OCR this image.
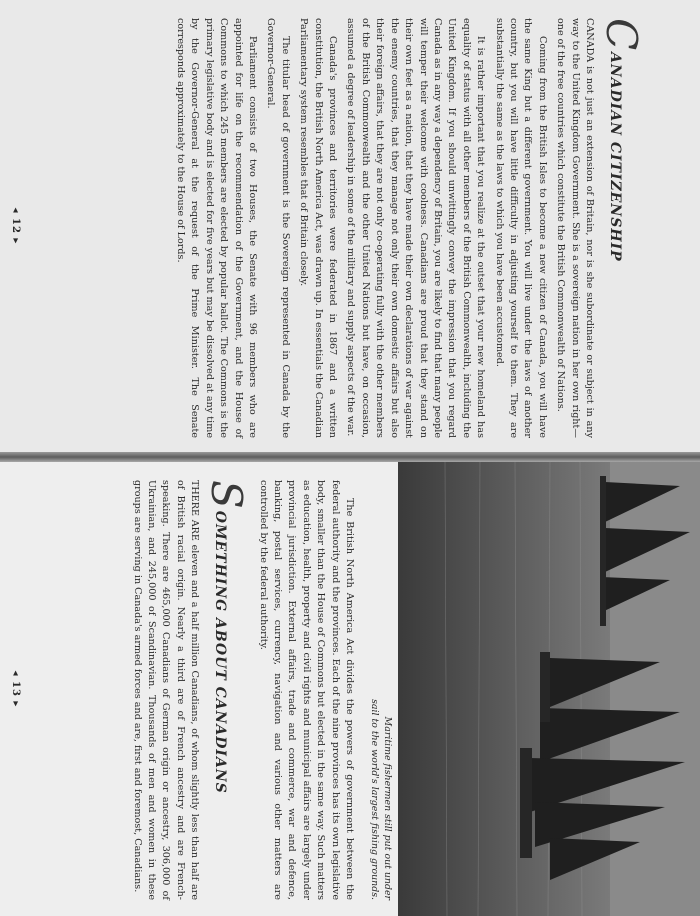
C
ANADIAN CITIZENSHIP

CANADA is not just an extension of Britain, nor is she subordinate or subject in any way to the United Kingdom Government. She is a sovereign nation in her own right—one of the free countries which constitute the British Commonwealth of Nations.

Coming from the British Isles to become a new citizen of Canada, you will have the same King but a different government. You will live under the laws of another country, but you will have little difficulty in adjusting yourself to them. They are substantially the same as the laws to which you have been accustomed.

It is rather important that you realize at the outset that your new homeland has equality of status with all other members of the British Commonwealth, including the United Kingdom. If you should unwittingly convey the impression that you regard Canada as in any way a dependency of Britain, you are likely to find that many people will temper their welcome with coolness. Canadians are proud that they stand on their own feet as a nation, that they have made their own declarations of war against the enemy countries, that they manage not only their own domestic affairs but also their foreign affairs, that they are not only co-operating fully with the other members of the British Commonwealth and the other United Nations but have, on occasion, assumed a degree of leadership in some of the military and supply aspects of the war.

Canada's provinces and territories were federated in 1867 and a written constitution, the British North America Act, was drawn up. In essentials the Canadian Parliamentary system resembles that of Britain closely.

The titular head of government is the Sovereign represented in Canada by the Governor-General.

Parliament consists of two Houses, the Senate with 96 members who are appointed for life on the recommendation of the Government, and the House of Commons to which 245 members are elected by popular ballot. The Commons is the primary legislative body and is elected for five years but may be dissolved at any time by the Governor-General at the request of the Prime Minister. The Senate corresponds approximately to the House of Lords.

◂ 12 ▸
Maritime fishermen still put out under
sail to the world's largest fishing grounds.

The British North America Act divides the powers of government between the federal authority and the provinces. Each of the nine provinces has its own legislative body, smaller than the House of Commons but elected in the same way. Such matters as education, health, property and civil rights and municipal affairs are largely under provincial jurisdiction. External affairs, trade and commerce, war and defence, banking, postal services, currency, navigation and various other matters are controlled by the federal authority.

S
OMETHING ABOUT CANADIANS

THERE ARE eleven and a half million Canadians, of whom slightly less than half are of British racial origin. Nearly a third are of French ancestry and are French-speaking. There are 465,000 Canadians of German origin or ancestry, 306,000 of Ukrainian, and 245,000 of Scandinavian. Thousands of men and women in these groups are serving in Canada's armed forces and are, first and foremost, Canadians.

◂ 13 ▸
